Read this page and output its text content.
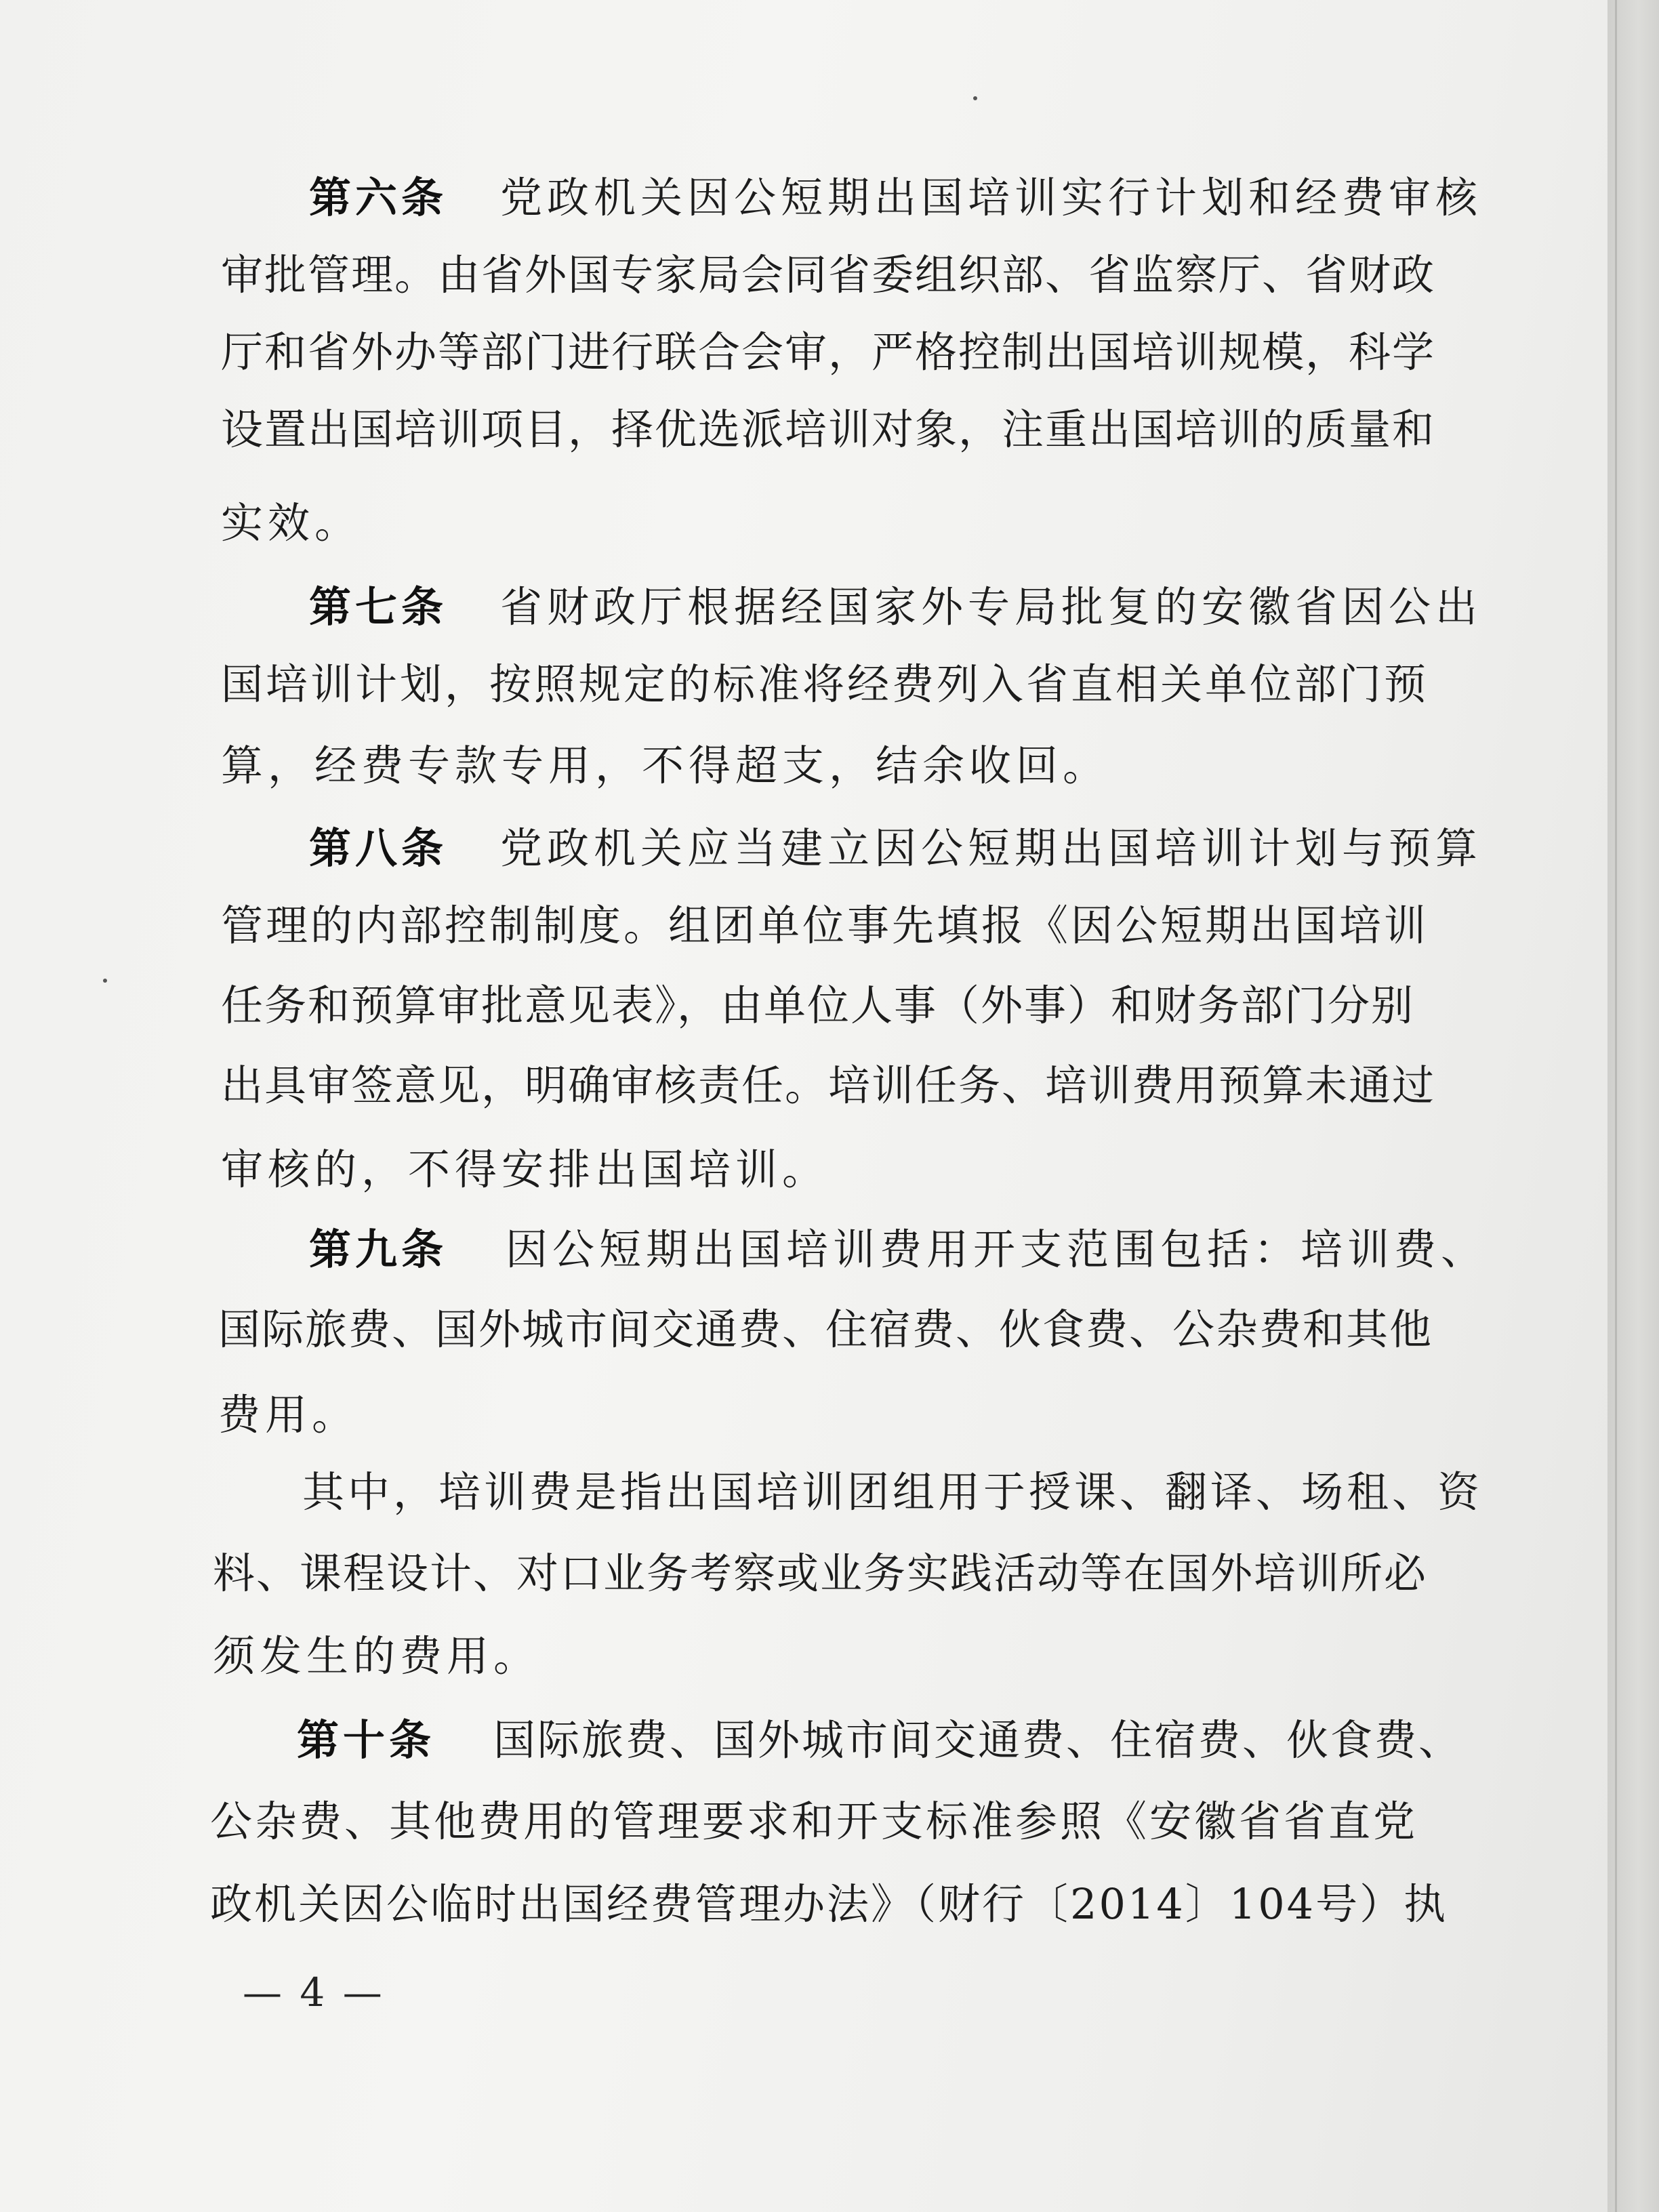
第六条 党政机关因公短期出国培训实行计划和经费审核
审批管理。由省外国专家局会同省委组织部、省监察厅、省财政
厅和省外办等部门进行联合会审，严格控制出国培训规模，科学
设置出国培训项目，择优选派培训对象，注重出国培训的质量和
实效。
第七条 省财政厅根据经国家外专局批复的安徽省因公出
国培训计划，按照规定的标准将经费列入省直相关单位部门预
算，经费专款专用，不得超支，结余收回。
第八条 党政机关应当建立因公短期出国培训计划与预算
管理的内部控制制度。组团单位事先填报《因公短期出国培训
任务和预算审批意见表》，由单位人事（外事）和财务部门分别
出具审签意见，明确审核责任。培训任务、培训费用预算未通过
审核的，不得安排出国培训。
第九条 因公短期出国培训费用开支范围包括：培训费、
国际旅费、国外城市间交通费、住宿费、伙食费、公杂费和其他
费用。
其中，培训费是指出国培训团组用于授课、翻译、场租、资
料、课程设计、对口业务考察或业务实践活动等在国外培训所必
须发生的费用。
第十条 国际旅费、国外城市间交通费、住宿费、伙食费、
公杂费、其他费用的管理要求和开支标准参照《安徽省省直党
政机关因公临时出国经费管理办法》（财行〔2014〕104号）执
— 4 —
